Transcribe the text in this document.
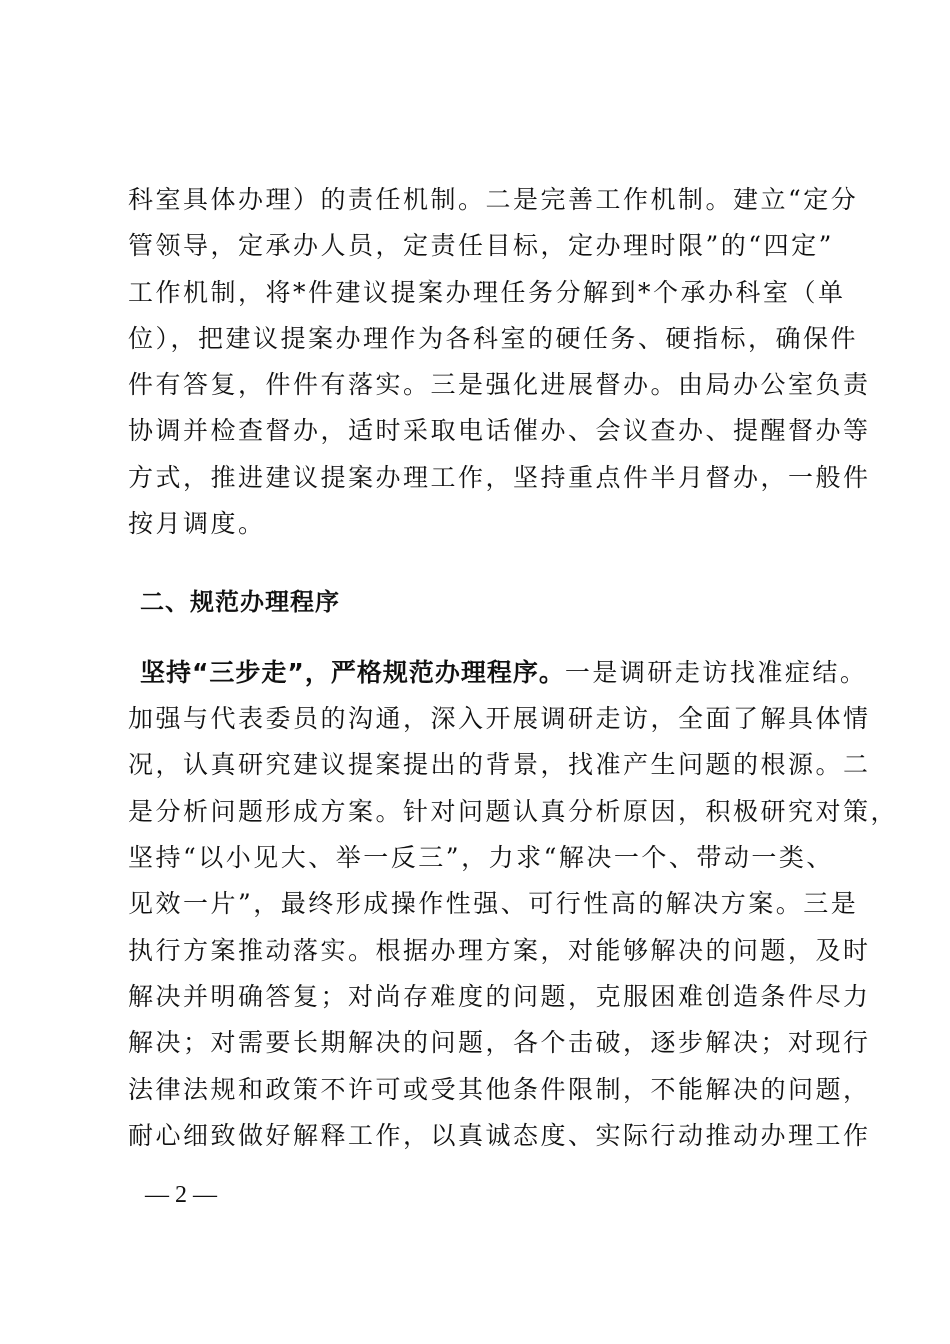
科室具体办理）的责任机制。二是完善工作机制。建立“定分
管领导，定承办人员，定责任目标，定办理时限”的“四定”
工作机制，将*件建议提案办理任务分解到*个承办科室（单
位），把建议提案办理作为各科室的硬任务、硬指标，确保件
件有答复，件件有落实。三是强化进展督办。由局办公室负责
协调并检查督办，适时采取电话催办、会议查办、提醒督办等
方式，推进建议提案办理工作，坚持重点件半月督办，一般件
按月调度。
二、规范办理程序
坚持“三步走”，严格规范办理程序。一是调研走访找准症结。
加强与代表委员的沟通，深入开展调研走访，全面了解具体情
况，认真研究建议提案提出的背景，找准产生问题的根源。二
是分析问题形成方案。针对问题认真分析原因，积极研究对策，
坚持“以小见大、举一反三”，力求“解决一个、带动一类、
见效一片”，最终形成操作性强、可行性高的解决方案。三是
执行方案推动落实。根据办理方案，对能够解决的问题，及时
解决并明确答复；对尚存难度的问题，克服困难创造条件尽力
解决；对需要长期解决的问题，各个击破，逐步解决；对现行
法律法规和政策不许可或受其他条件限制，不能解决的问题，
耐心细致做好解释工作，以真诚态度、实际行动推动办理工作
— 2 —
